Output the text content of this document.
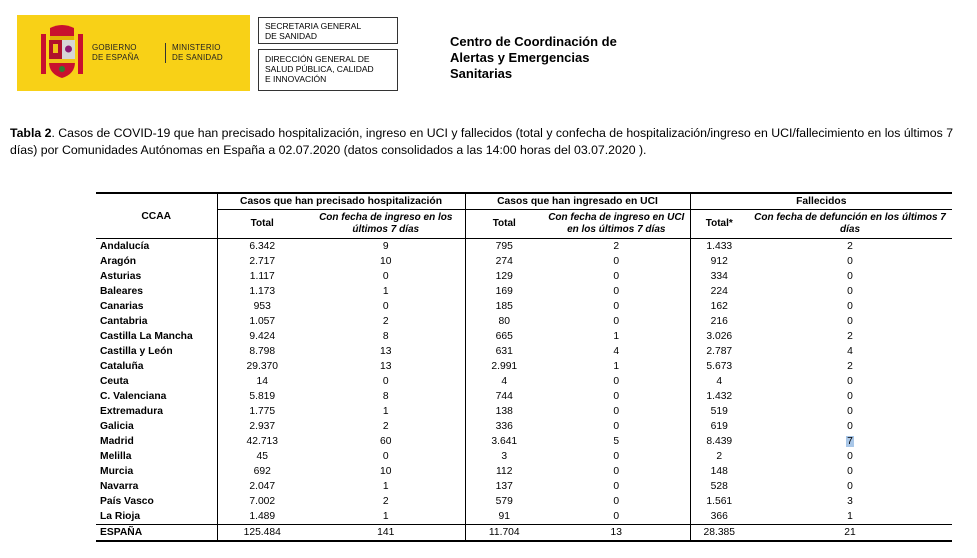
GOBIERNO
DE ESPAÑA
MINISTERIO
DE SANIDAD
SECRETARIA GENERAL
DE SANIDAD
DIRECCIÓN GENERAL DE
SALUD PÚBLICA, CALIDAD
E INNOVACIÓN
Centro de Coordinación de
Alertas y Emergencias
Sanitarias
Tabla 2. Casos de COVID-19 que han precisado hospitalización, ingreso en UCI y fallecidos (total y confecha de hospitalización/ingreso en UCI/fallecimiento en los últimos 7 días) por Comunidades Autónomas en España a 02.07.2020 (datos consolidados a las 14:00 horas del 03.07.2020 ).
CCAA	Casos que han precisado hospitalización		Casos que han ingresado en UCI		Fallecidos	
	Total	Con fecha de ingreso en los últimos 7 días	Total	Con fecha de ingreso en UCI en los últimos 7 días	Total*	Con fecha de defunción en los últimos 7 días
Andalucía	6.342	9	795	2	1.433	2
Aragón	2.717	10	274	0	912	0
Asturias	1.117	0	129	0	334	0
Baleares	1.173	1	169	0	224	0
Canarias	953	0	185	0	162	0
Cantabria	1.057	2	80	0	216	0
Castilla La Mancha	9.424	8	665	1	3.026	2
Castilla y León	8.798	13	631	4	2.787	4
Cataluña	29.370	13	2.991	1	5.673	2
Ceuta	14	0	4	0	4	0
C. Valenciana	5.819	8	744	0	1.432	0
Extremadura	1.775	1	138	0	519	0
Galicia	2.937	2	336	0	619	0
Madrid	42.713	60	3.641	5	8.439	7
Melilla	45	0	3	0	2	0
Murcia	692	10	112	0	148	0
Navarra	2.047	1	137	0	528	0
País Vasco	7.002	2	579	0	1.561	3
La Rioja	1.489	1	91	0	366	1
ESPAÑA	125.484	141	11.704	13	28.385	21
